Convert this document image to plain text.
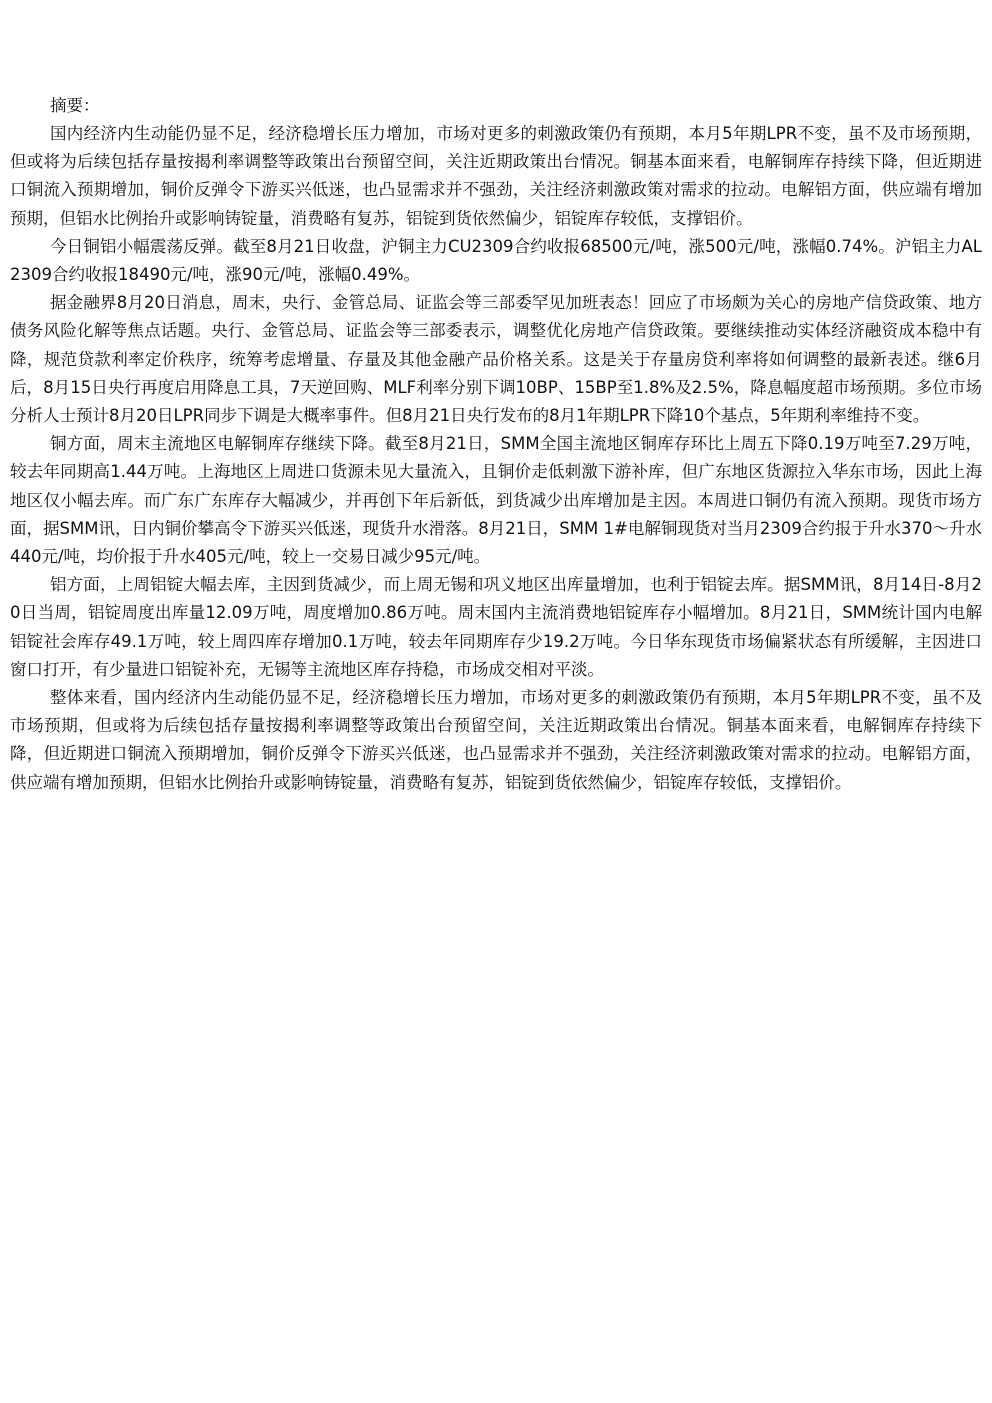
摘要：

国内经济内生动能仍显不足，经济稳增长压力增加，市场对更多的刺激政策仍有预期，本月5年期LPR不变，虽不及市场预期，但或将为后续包括存量按揭利率调整等政策出台预留空间，关注近期政策出台情况。铜基本面来看，电解铜库存持续下降，但近期进口铜流入预期增加，铜价反弹令下游买兴低迷，也凸显需求并不强劲，关注经济刺激政策对需求的拉动。电解铝方面，供应端有增加预期，但铝水比例抬升或影响铸锭量，消费略有复苏，铝锭到货依然偏少，铝锭库存较低，支撑铝价。

今日铜铝小幅震荡反弹。截至8月21日收盘，沪铜主力CU2309合约收报68500元/吨，涨500元/吨，涨幅0.74%。沪铝主力AL2309合约收报18490元/吨，涨90元/吨，涨幅0.49%。

据金融界8月20日消息，周末，央行、金管总局、证监会等三部委罕见加班表态！回应了市场颇为关心的房地产信贷政策、地方债务风险化解等焦点话题。央行、金管总局、证监会等三部委表示，调整优化房地产信贷政策。要继续推动实体经济融资成本稳中有降，规范贷款利率定价秩序，统筹考虑增量、存量及其他金融产品价格关系。这是关于存量房贷利率将如何调整的最新表述。继6月后，8月15日央行再度启用降息工具，7天逆回购、MLF利率分别下调10BP、15BP至1.8%及2.5%，降息幅度超市场预期。多位市场分析人士预计8月20日LPR同步下调是大概率事件。但8月21日央行发布的8月1年期LPR下降10个基点，5年期利率维持不变。

铜方面，周末主流地区电解铜库存继续下降。截至8月21日，SMM全国主流地区铜库存环比上周五下降0.19万吨至7.29万吨，较去年同期高1.44万吨。上海地区上周进口货源未见大量流入，且铜价走低刺激下游补库，但广东地区货源拉入华东市场，因此上海地区仅小幅去库。而广东广东库存大幅减少，并再创下年后新低，到货减少出库增加是主因。本周进口铜仍有流入预期。现货市场方面，据SMM讯，日内铜价攀高令下游买兴低迷，现货升水滑落。8月21日，SMM 1#电解铜现货对当月2309合约报于升水370～升水440元/吨，均价报于升水405元/吨，较上一交易日减少95元/吨。

铝方面，上周铝锭大幅去库，主因到货减少，而上周无锡和巩义地区出库量增加，也利于铝锭去库。据SMM讯，8月14日-8月20日当周，铝锭周度出库量12.09万吨，周度增加0.86万吨。周末国内主流消费地铝锭库存小幅增加。8月21日，SMM统计国内电解铝锭社会库存49.1万吨，较上周四库存增加0.1万吨，较去年同期库存少19.2万吨。今日华东现货市场偏紧状态有所缓解，主因进口窗口打开，有少量进口铝锭补充，无锡等主流地区库存持稳，市场成交相对平淡。

整体来看，国内经济内生动能仍显不足，经济稳增长压力增加，市场对更多的刺激政策仍有预期，本月5年期LPR不变，虽不及市场预期，但或将为后续包括存量按揭利率调整等政策出台预留空间，关注近期政策出台情况。铜基本面来看，电解铜库存持续下降，但近期进口铜流入预期增加，铜价反弹令下游买兴低迷，也凸显需求并不强劲，关注经济刺激政策对需求的拉动。电解铝方面，供应端有增加预期，但铝水比例抬升或影响铸锭量，消费略有复苏，铝锭到货依然偏少，铝锭库存较低，支撑铝价。
